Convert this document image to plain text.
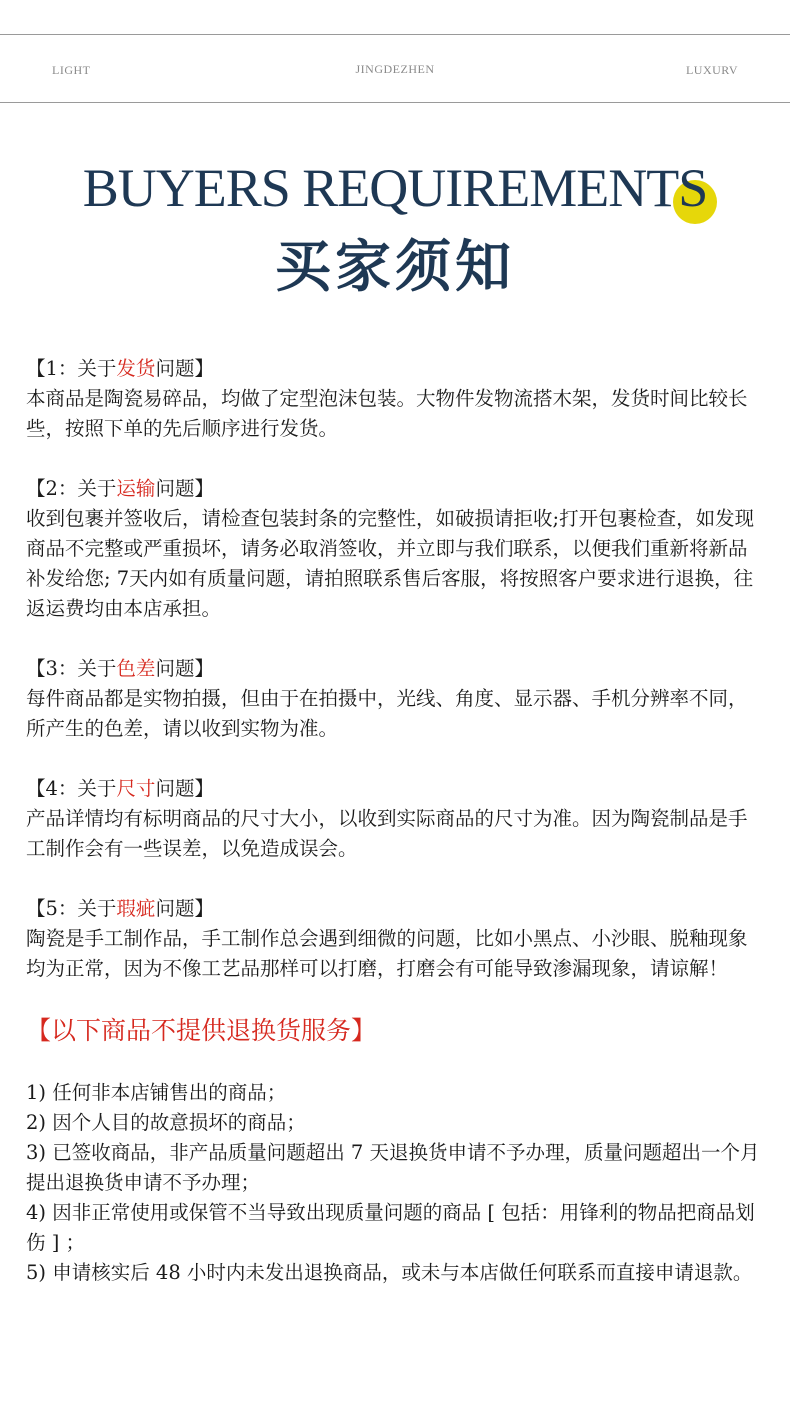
LIGHT	JINGDEZHEN	LUXURV
BUYERS REQUIREMENTS
买家须知
【1：关于发货问题】
本商品是陶瓷易碎品，均做了定型泡沫包装。大物件发物流搭木架，发货时间比较长些，按照下单的先后顺序进行发货。
【2：关于运输问题】
收到包裹并签收后，请检查包装封条的完整性，如破损请拒收;打开包裹检查，如发现商品不完整或严重损坏，请务必取消签收，并立即与我们联系，以便我们重新将新品补发给您; 7天内如有质量问题，请拍照联系售后客服，将按照客户要求进行退换，往返运费均由本店承担。
【3：关于色差问题】
每件商品都是实物拍摄，但由于在拍摄中，光线、角度、显示器、手机分辨率不同，所产生的色差，请以收到实物为准。
【4：关于尺寸问题】
产品详情均有标明商品的尺寸大小，以收到实际商品的尺寸为准。因为陶瓷制品是手工制作会有一些误差，以免造成误会。
【5：关于瑕疵问题】
陶瓷是手工制作品，手工制作总会遇到细微的问题，比如小黑点、小沙眼、脱釉现象均为正常，因为不像工艺品那样可以打磨，打磨会有可能导致渗漏现象，请谅解！
【以下商品不提供退换货服务】
1) 任何非本店铺售出的商品；
2) 因个人目的故意损坏的商品；
3) 已签收商品，非产品质量问题超出 7 天退换货申请不予办理，质量问题超出一个月提出退换货申请不予办理；
4) 因非正常使用或保管不当导致出现质量问题的商品 [ 包括：用锋利的物品把商品划伤 ] ；
5) 申请核实后 48 小时内未发出退换商品，或未与本店做任何联系而直接申请退款。
